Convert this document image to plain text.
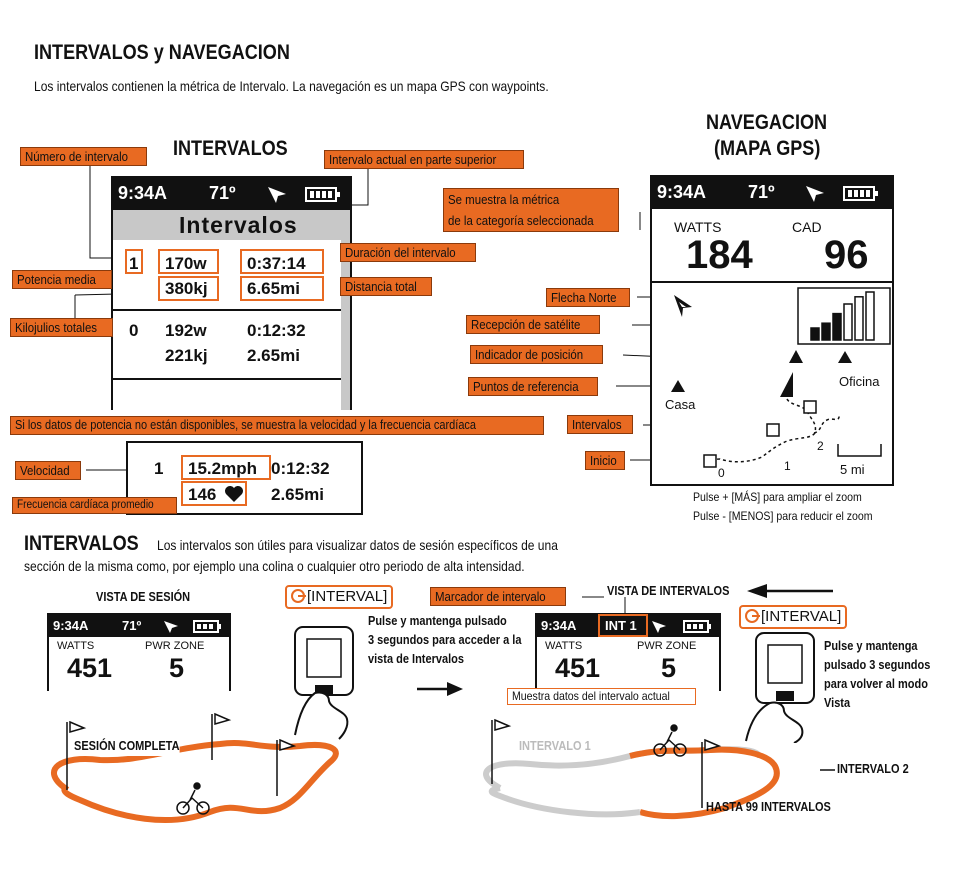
INTERVALOS y NAVEGACION
Los intervalos contienen la métrica de Intervalo. La navegación es un mapa GPS con waypoints.
INTERVALOS
9:34A 71º
Intervalos
1 170w 0:37:14
380kj 6.65mi
0 192w 0:12:32
221kj 2.65mi
1 15.2mph 0:12:32
146	2.65mi
Número de intervalo	Intervalo actual en parte superior
Potencia media
Duración del intervalo
Distancia total
Kilojulios totales
Si los datos de potencia no están disponibles, se muestra la velocidad y la frecuencia cardíaca
Velocidad
Frecuencia cardíaca promedio
NAVEGACION
(MAPA GPS)
9:34A 71º
WATTS	CAD
184 96
Oficina
Casa
5 mi
0	1
2
Se muestra la métrica
de la categoría seleccionada
Flecha Norte
Recepción de satélite
Indicador de posición
Puntos de referencia
Intervalos
Inicio
Pulse + [MÁS] para ampliar el zoom
Pulse - [MENOS] para reducir el zoom
INTERVALOS Los intervalos son útiles para visualizar datos de sesión específicos de una
sección de la misma como, por ejemplo una colina o cualquier otro periodo de alta intensidad.
VISTA DE SESIÓN	VISTA DE INTERVALOS
[INTERVAL]
[INTERVAL]
Pulse y mantenga pulsado
3 segundos para acceder a la
vista de Intervalos
Pulse y mantenga
pulsado 3 segundos
para volver al modo
Vista
9:34A	71º
WATTS	PWR ZONE
451 5
9:34A INT 1
WATTS	PWR ZONE
451 5
Marcador de intervalo
Muestra datos del intervalo actual
SESIÓN COMPLETA	INTERVALO 1
INTERVALO 2
HASTA 99 INTERVALOS
